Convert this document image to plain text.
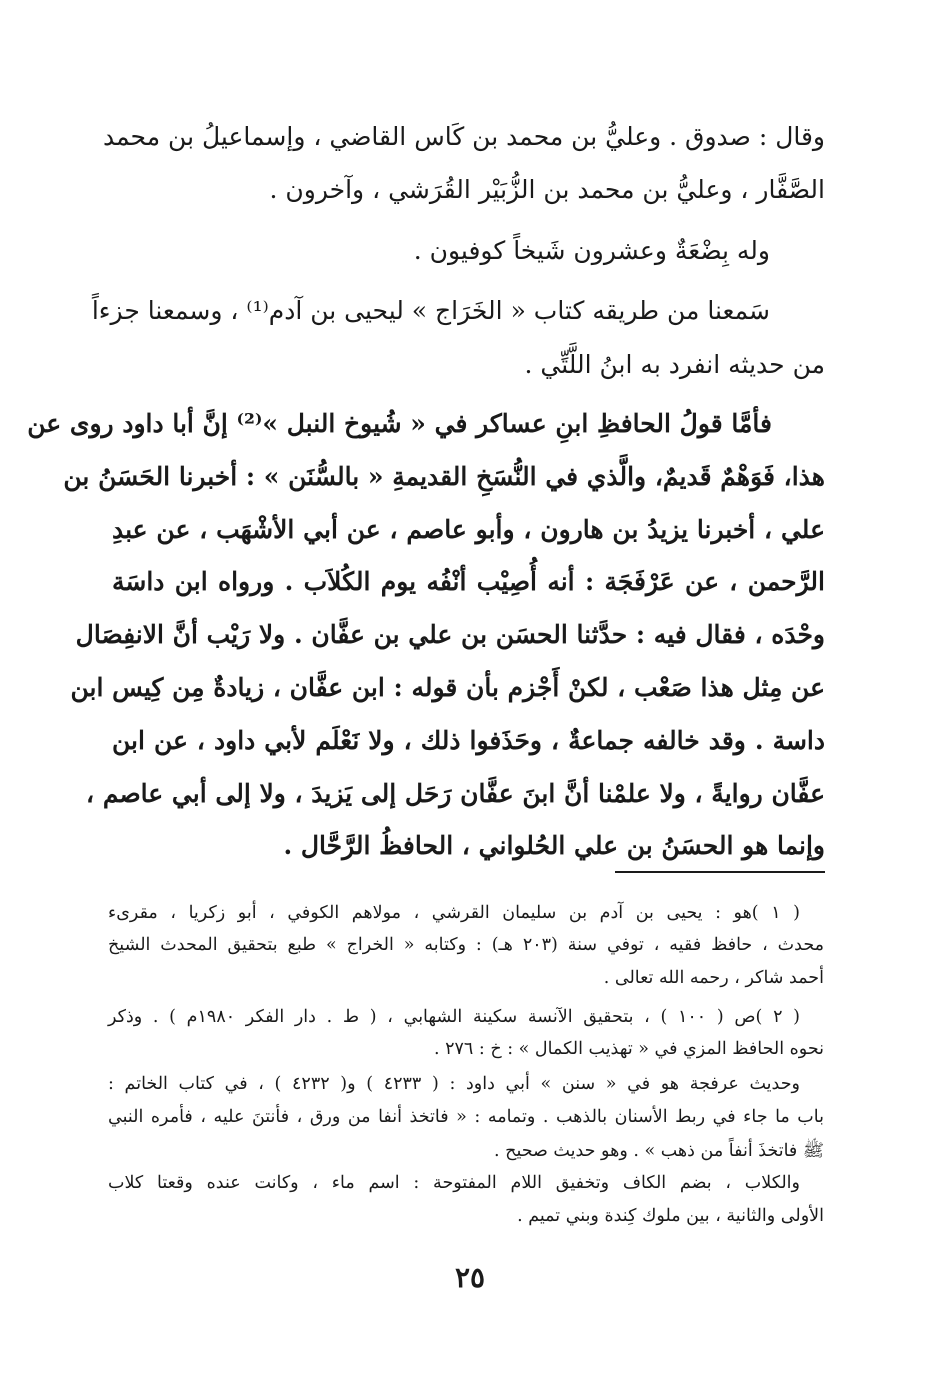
وقال : صدوق . وعليُّ بن محمد بن كَاس القاضي ، وإسماعيلُ بن محمد
الصَّفَّار ، وعليُّ بن محمد بن الزُّبَيْر القُرَشي ، وآخرون .
وله بِضْعَةٌ وعشرون شَيخاً كوفيون .
سَمعنا من طريقه كتاب « الخَرَاج » ليحيى بن آدم⁽¹⁾ ، وسمعنا جزءاً
من حديثه انفرد به ابنُ اللَّتِّي .
فأمَّا قولُ الحافظِ ابنِ عساكر في « شُيوخ النبل »⁽²⁾ إنَّ أبا داود روى عن
هذا، فَوَهْمٌ قَديمٌ، والَّذي في النُّسَخِ القديمةِ « بالسُّنَن » : أخبرنا الحَسَنُ بن
علي ، أخبرنا يزيدُ بن هارون ، وأبو عاصم ، عن أبي الأشْهَب ، عن عبدِ
الرَّحمن ، عن عَرْفَجَة : أنه أُصِيْب أنْفُه يوم الكُلاَب . ورواه ابن داسَة
وحْدَه ، فقال فيه : حدَّثنا الحسَن بن علي بن عفَّان . ولا رَيْب أنَّ الانفِصَال
عن مِثل هذا صَعْب ، لكنْ أَجْزم بأن قوله : ابن عفَّان ، زيادةٌ مِن كِيس ابن
داسة . وقد خالفه جماعةٌ ، وحَذَفوا ذلك ، ولا نَعْلَم لأبي داود ، عن ابن
عفَّان روايةً ، ولا علمْنا أنَّ ابنَ عفَّان رَحَل إلى يَزيدَ ، ولا إلى أبي عاصم ،
وإنما هو الحسَنُ بن علي الحُلواني ، الحافظُ الرَّحَّال .
( ١ )هو : يحيى بن آدم بن سليمان القرشي ، مولاهم الكوفي ، أبو زكريا ، مقرىء
محدث ، حافظ فقيه ، توفي سنة (٢٠٣ هـ) : وكتابه « الخراج » طبع بتحقيق المحدث الشيخ
أحمد شاكر ، رحمه الله تعالى .
( ٢ )ص ( ١٠٠ ) ، بتحقيق الآنسة سكينة الشهابي ، ( ط . دار الفكر ١٩٨٠م ) . وذكر
نحوه الحافظ المزي في « تهذيب الكمال » : خ : ٢٧٦ .
وحديث عرفجة هو في « سنن » أبي داود : ( ٤٢٣٣ ) و( ٤٢٣٢ ) ، في كتاب الخاتم :
باب ما جاء في ربط الأسنان بالذهب . وتمامه : « فاتخذ أنفا من ورق ، فأنتنَ عليه ، فأمره النبي
ﷺ فاتخذَ أنفاً من ذهب » . وهو حديث صحيح .
والكلاب ، بضم الكاف وتخفيق اللام المفتوحة : اسم ماء ، وكانت عنده وقعتا كلاب
الأولى والثانية ، بين ملوك كِندة وبني تميم .
٢٥
